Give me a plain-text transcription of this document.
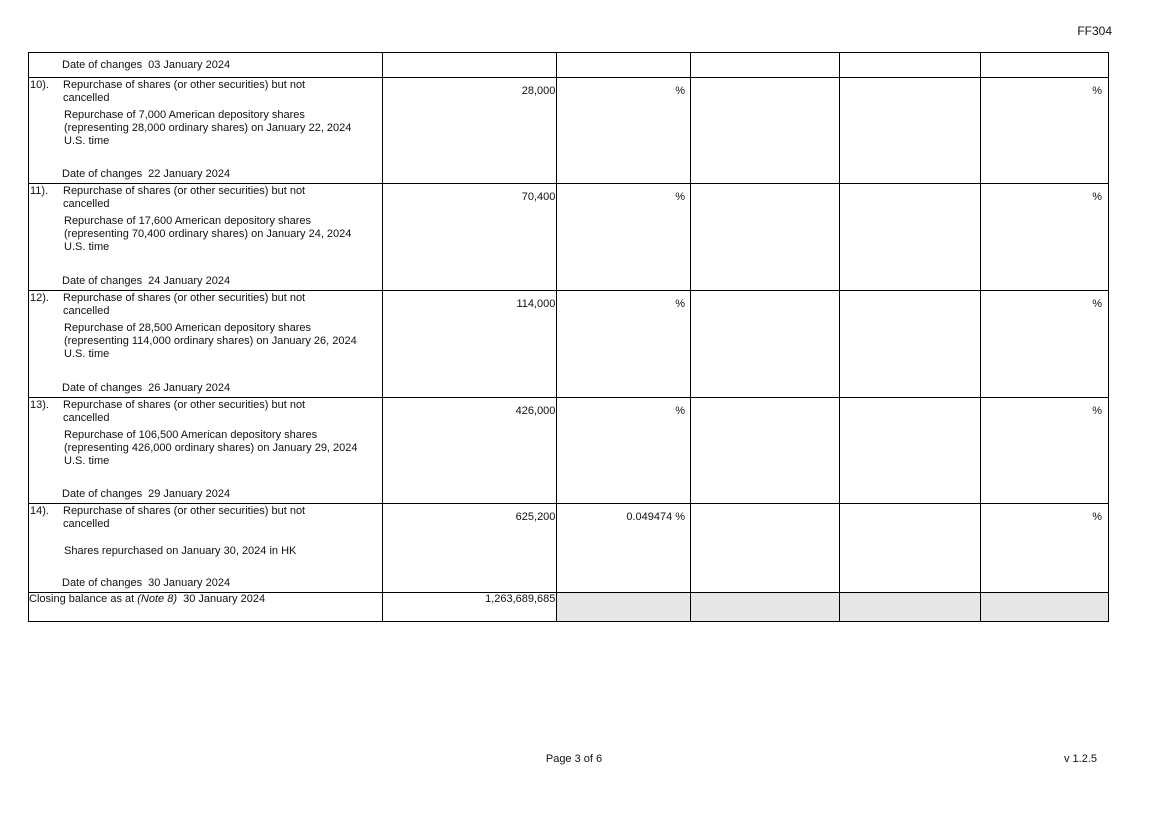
FF304
Date of changes 03 January 2024					

10). Repurchase of shares (or other securities) but not cancelled
Repurchase of 7,000 American depository shares (representing 28,000 ordinary shares) on January 22, 2024 U.S. time
Date of changes 22 January 2024	28,000	%			%

11). Repurchase of shares (or other securities) but not cancelled
Repurchase of 17,600 American depository shares (representing 70,400 ordinary shares) on January 24, 2024 U.S. time
Date of changes 24 January 2024	70,400	%			%

12). Repurchase of shares (or other securities) but not cancelled
Repurchase of 28,500 American depository shares (representing 114,000 ordinary shares) on January 26, 2024 U.S. time
Date of changes 26 January 2024	114,000	%			%

13). Repurchase of shares (or other securities) but not cancelled
Repurchase of 106,500 American depository shares (representing 426,000 ordinary shares) on January 29, 2024 U.S. time
Date of changes 29 January 2024	426,000	%			%

14). Repurchase of shares (or other securities) but not cancelled
Shares repurchased on January 30, 2024 in HK
Date of changes 30 January 2024	625,200	0.049474 %			%
Closing balance as at (Note 8) 30 January 2024	1,263,689,685				
Page 3 of 6	v 1.2.5
